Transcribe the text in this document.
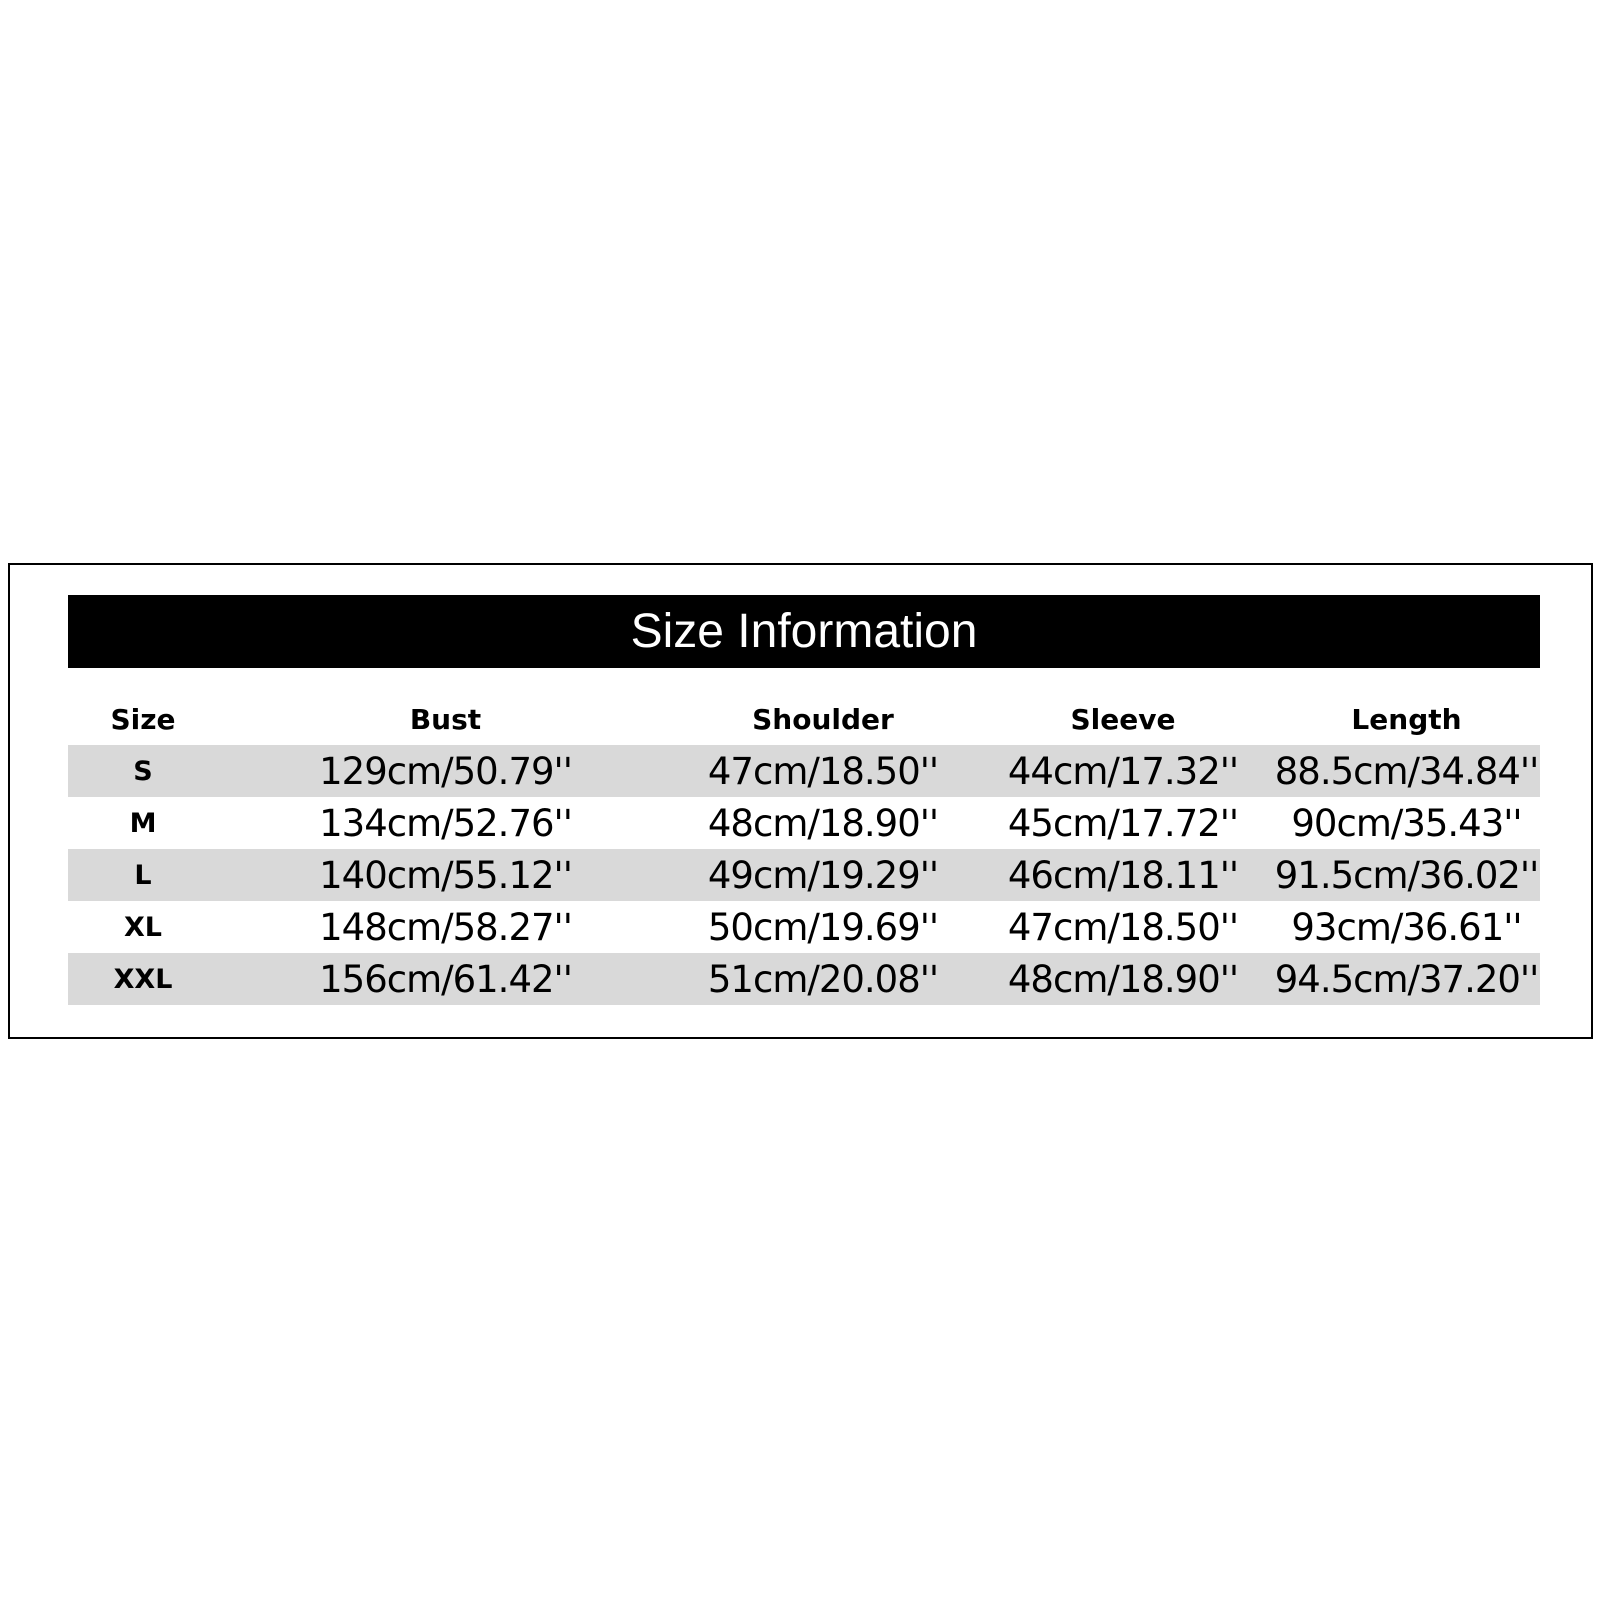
Size Information
Size	Bust	Shoulder	Sleeve	Length
S	129cm/50.79''	47cm/18.50''	44cm/17.32''	88.5cm/34.84''
M	134cm/52.76''	48cm/18.90''	45cm/17.72''	90cm/35.43''
L	140cm/55.12''	49cm/19.29''	46cm/18.11''	91.5cm/36.02''
XL	148cm/58.27''	50cm/19.69''	47cm/18.50''	93cm/36.61''
XXL	156cm/61.42''	51cm/20.08''	48cm/18.90''	94.5cm/37.20''
